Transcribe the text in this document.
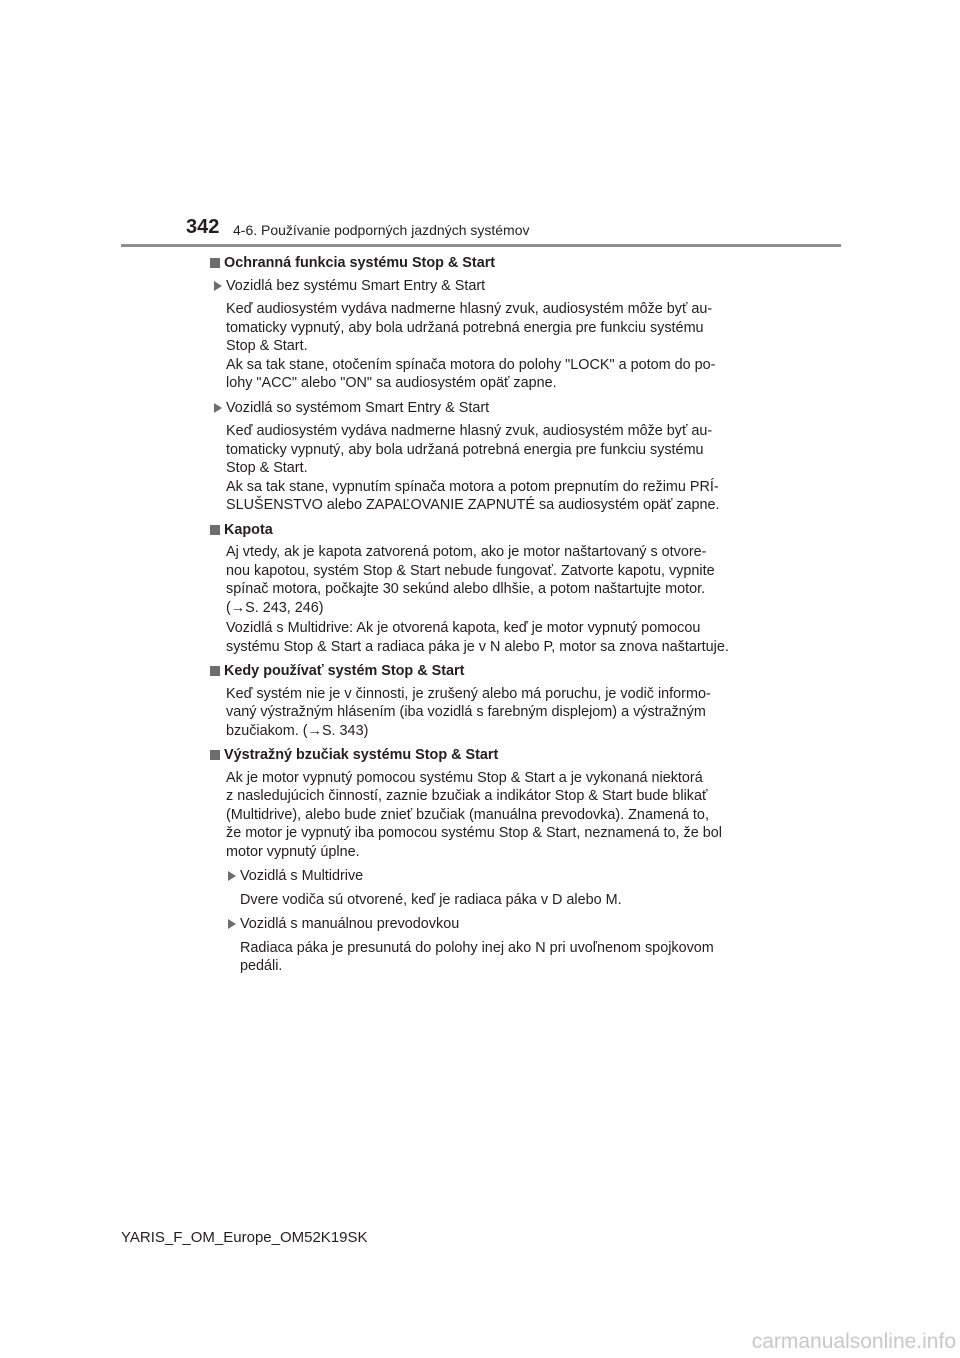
342 4-6. Používanie podporných jazdných systémov
Ochranná funkcia systému Stop & Start
Vozidlá bez systému Smart Entry & Start
Keď audiosystém vydáva nadmerne hlasný zvuk, audiosystém môže byť au-
tomaticky vypnutý, aby bola udržaná potrebná energia pre funkciu systému
Stop & Start.
Ak sa tak stane, otočením spínača motora do polohy "LOCK" a potom do po-
lohy "ACC" alebo "ON" sa audiosystém opäť zapne.
Vozidlá so systémom Smart Entry & Start
Keď audiosystém vydáva nadmerne hlasný zvuk, audiosystém môže byť au-
tomaticky vypnutý, aby bola udržaná potrebná energia pre funkciu systému
Stop & Start.
Ak sa tak stane, vypnutím spínača motora a potom prepnutím do režimu PRÍ-
SLUŠENSTVO alebo ZAPAĽOVANIE ZAPNUTÉ sa audiosystém opäť zapne.
Kapota
Aj vtedy, ak je kapota zatvorená potom, ako je motor naštartovaný s otvore-
nou kapotou, systém Stop & Start nebude fungovať. Zatvorte kapotu, vypnite
spínač motora, počkajte 30 sekúnd alebo dlhšie, a potom naštartujte motor.
(→S. 243, 246)
Vozidlá s Multidrive: Ak je otvorená kapota, keď je motor vypnutý pomocou
systému Stop & Start a radiaca páka je v N alebo P, motor sa znova naštartuje.
Kedy používať systém Stop & Start
Keď systém nie je v činnosti, je zrušený alebo má poruchu, je vodič informo-
vaný výstražným hlásením (iba vozidlá s farebným displejom) a výstražným
bzučiakom. (→S. 343)
Výstražný bzučiak systému Stop & Start
Ak je motor vypnutý pomocou systému Stop & Start a je vykonaná niektorá
z nasledujúcich činností, zaznie bzučiak a indikátor Stop & Start bude blikať
(Multidrive), alebo bude znieť bzučiak (manuálna prevodovka). Znamená to,
že motor je vypnutý iba pomocou systému Stop & Start, neznamená to, že bol
motor vypnutý úplne.
Vozidlá s Multidrive
Dvere vodiča sú otvorené, keď je radiaca páka v D alebo M.
Vozidlá s manuálnou prevodovkou
Radiaca páka je presunutá do polohy inej ako N pri uvoľnenom spojkovom
pedáli.
YARIS_F_OM_Europe_OM52K19SK
carmanualsonline.info
